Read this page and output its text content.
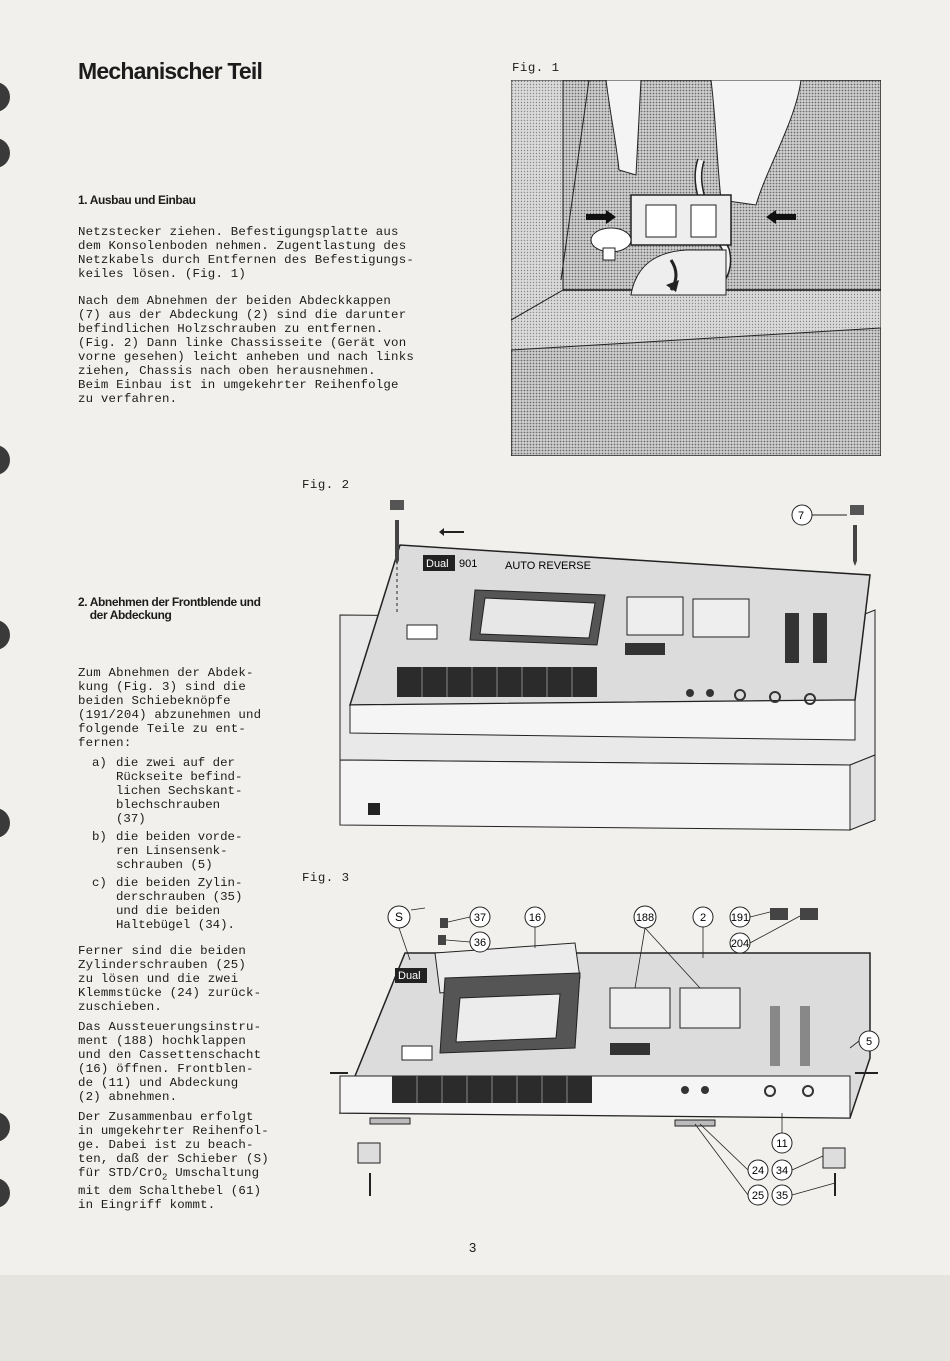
Mechanischer Teil
1. Ausbau und Einbau

Netzstecker ziehen. Befestigungsplatte aus
dem Konsolenboden nehmen. Zugentlastung des
Netzkabels durch Entfernen des Befestigungs-
keiles lösen. (Fig. 1)

Nach dem Abnehmen der beiden Abdeckkappen
(7) aus der Abdeckung (2) sind die darunter
befindlichen Holzschrauben zu entfernen.
(Fig. 2) Dann linke Chassisseite (Gerät von
vorne gesehen) leicht anheben und nach links
ziehen, Chassis nach oben herausnehmen.
Beim Einbau ist in umgekehrter Reihenfolge
zu verfahren.

2. Abnehmen der Frontblende und
der Abdeckung

Zum Abnehmen der Abdek-
kung (Fig. 3) sind die
beiden Schiebeknöpfe
(191/204) abzunehmen und
folgende Teile zu ent-
fernen:

a) die zwei auf der
Rückseite befind-
lichen Sechskant-
blechschrauben
(37)
b) die beiden vorde-
ren Linsensenk-
schrauben (5)
c) die beiden Zylin-
derschrauben (35)
und die beiden
Haltebügel (34).

Ferner sind die beiden
Zylinderschrauben (25)
zu lösen und die zwei
Klemmstücke (24) zurück-
zuschieben.

Das Aussteuerungsinstru-
ment (188) hochklappen
und den Cassettenschacht
(16) öffnen. Frontblen-
de (11) und Abdeckung
(2) abnehmen.

Der Zusammenbau erfolgt
in umgekehrter Reihenfol-
ge. Dabei ist zu beach-
ten, daß der Schieber (S)
für STD/CrO$_2$ Umschaltung
mit dem Schalthebel (61)
in Eingriff kommt.

Fig. 1
Fig. 2
Fig. 3
Dual 901	AUTO REVERSE
7
Dual
S	37
36
16	188	2 191
204
5
11
24 34
25 35
3
